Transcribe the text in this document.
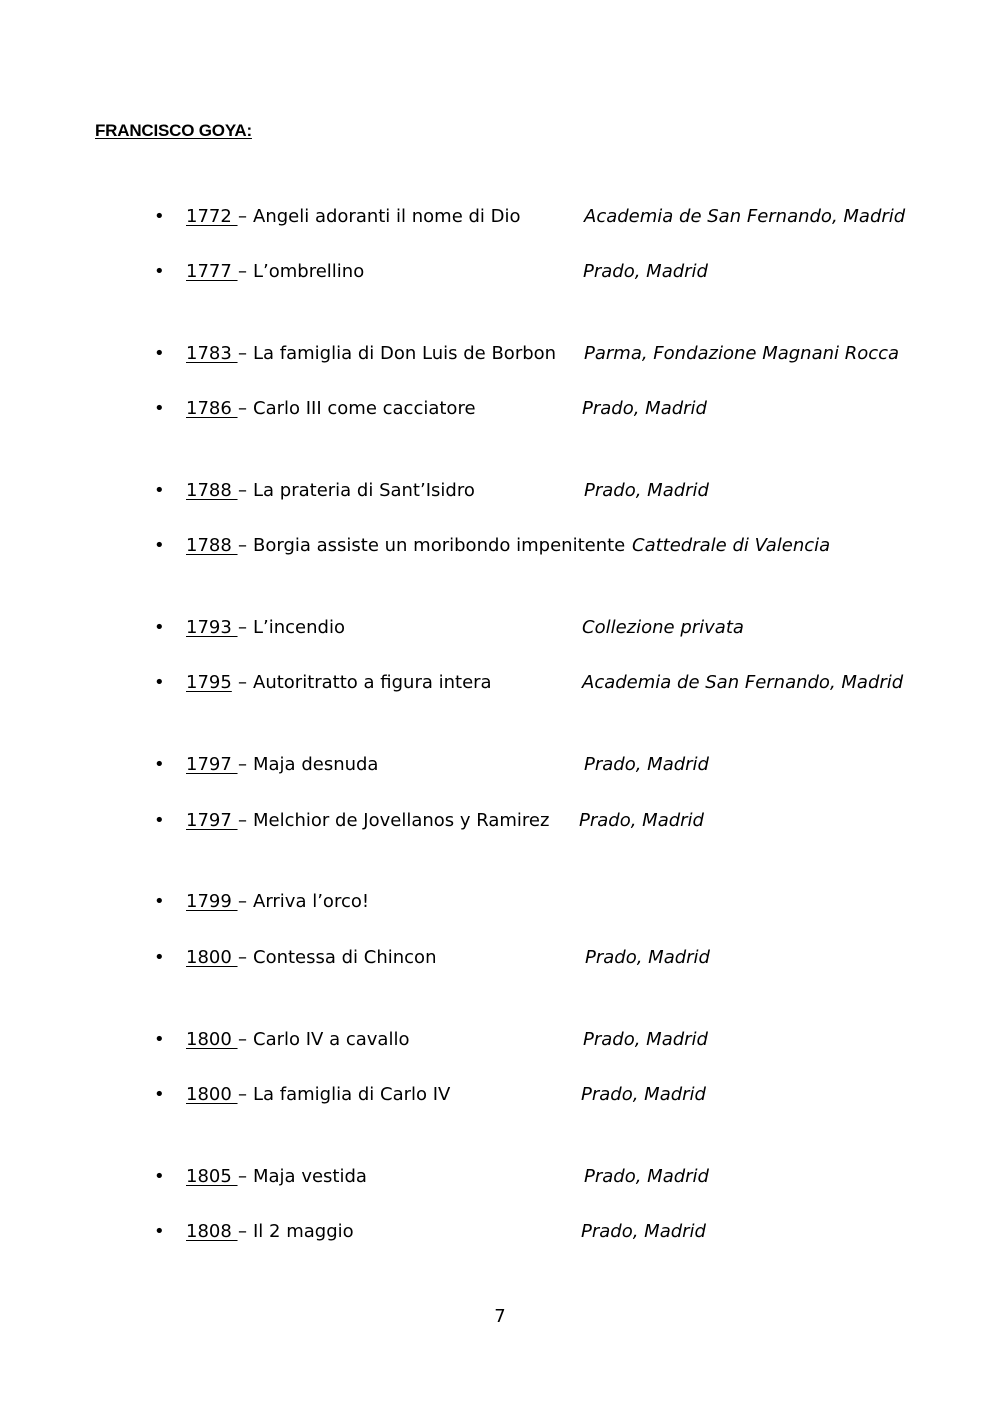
FRANCISCO GOYA:
• 1772 – Angeli adoranti il nome di Dio	Academia de San Fernando, Madrid
• 1777 – L’ombrellino	Prado, Madrid
• 1783 – La famiglia di Don Luis de Borbon Parma, Fondazione Magnani Rocca
• 1786 – Carlo III come cacciatore	Prado, Madrid
• 1788 – La prateria di Sant’Isidro	Prado, Madrid
• 1788 – Borgia assiste un moribondo impenitente Cattedrale di Valencia
• 1793 – L’incendio	Collezione privata
• 1795 – Autoritratto a figura intera	Academia de San Fernando, Madrid
• 1797 – Maja desnuda	Prado, Madrid
• 1797 – Melchior de Jovellanos y Ramirez Prado, Madrid
• 1799 – Arriva l’orco!
• 1800 – Contessa di Chincon	Prado, Madrid
• 1800 – Carlo IV a cavallo	Prado, Madrid
• 1800 – La famiglia di Carlo IV	Prado, Madrid
• 1805 – Maja vestida	Prado, Madrid
• 1808 – Il 2 maggio	Prado, Madrid
7
